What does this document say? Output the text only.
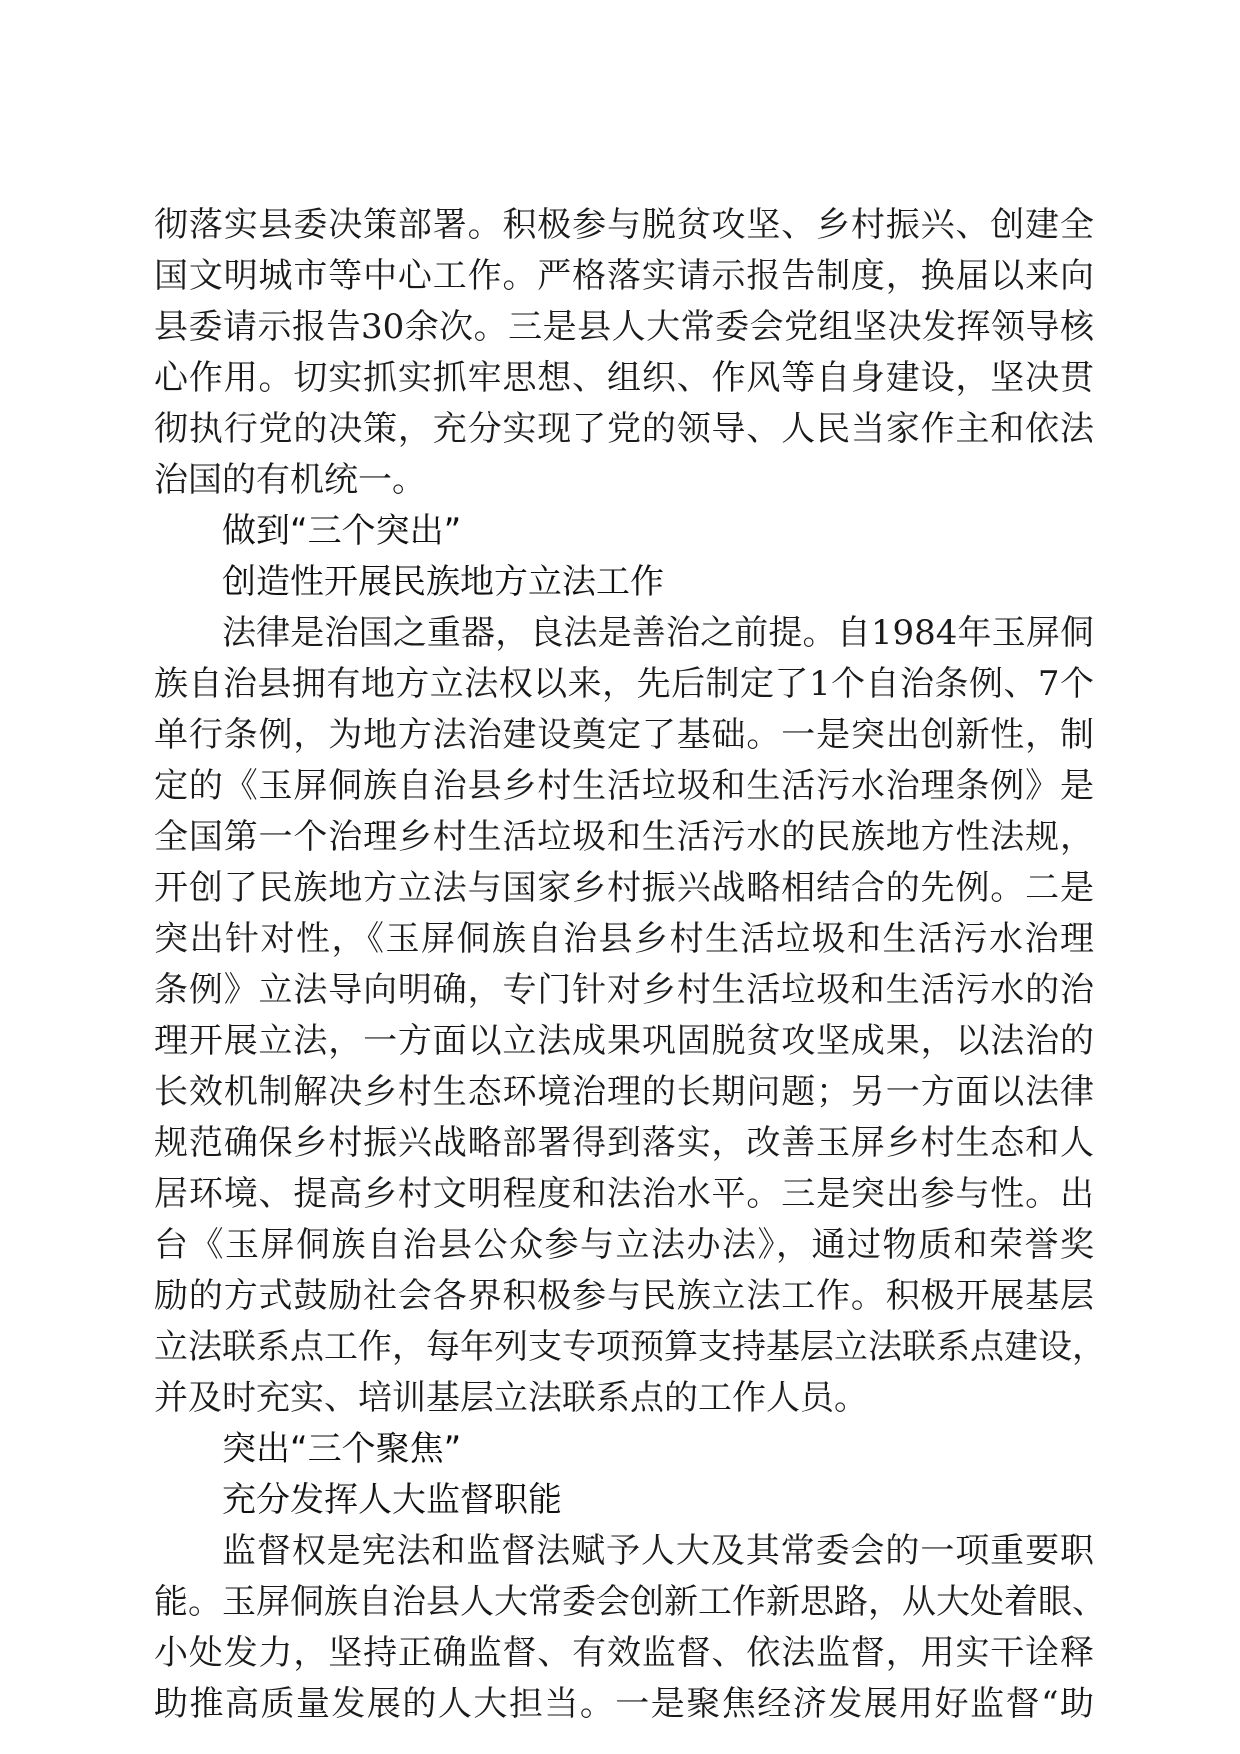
彻落实县委决策部署。积极参与脱贫攻坚、乡村振兴、创建全
国文明城市等中心工作。严格落实请示报告制度，换届以来向
县委请示报告30余次。三是县人大常委会党组坚决发挥领导核
心作用。切实抓实抓牢思想、组织、作风等自身建设，坚决贯
彻执行党的决策，充分实现了党的领导、人民当家作主和依法
治国的有机统一。
做到“三个突出”
创造性开展民族地方立法工作
法律是治国之重器，良法是善治之前提。自1984年玉屏侗
族自治县拥有地方立法权以来，先后制定了1个自治条例、7个
单行条例，为地方法治建设奠定了基础。一是突出创新性，制
定的《玉屏侗族自治县乡村生活垃圾和生活污水治理条例》是
全国第一个治理乡村生活垃圾和生活污水的民族地方性法规，
开创了民族地方立法与国家乡村振兴战略相结合的先例。二是
突出针对性，《玉屏侗族自治县乡村生活垃圾和生活污水治理
条例》立法导向明确，专门针对乡村生活垃圾和生活污水的治
理开展立法，一方面以立法成果巩固脱贫攻坚成果，以法治的
长效机制解决乡村生态环境治理的长期问题；另一方面以法律
规范确保乡村振兴战略部署得到落实，改善玉屏乡村生态和人
居环境、提高乡村文明程度和法治水平。三是突出参与性。出
台《玉屏侗族自治县公众参与立法办法》，通过物质和荣誉奖
励的方式鼓励社会各界积极参与民族立法工作。积极开展基层
立法联系点工作，每年列支专项预算支持基层立法联系点建设，
并及时充实、培训基层立法联系点的工作人员。
突出“三个聚焦”
充分发挥人大监督职能
监督权是宪法和监督法赋予人大及其常委会的一项重要职
能。玉屏侗族自治县人大常委会创新工作新思路，从大处着眼、
小处发力，坚持正确监督、有效监督、依法监督，用实干诠释
助推高质量发展的人大担当。一是聚焦经济发展用好监督“助
